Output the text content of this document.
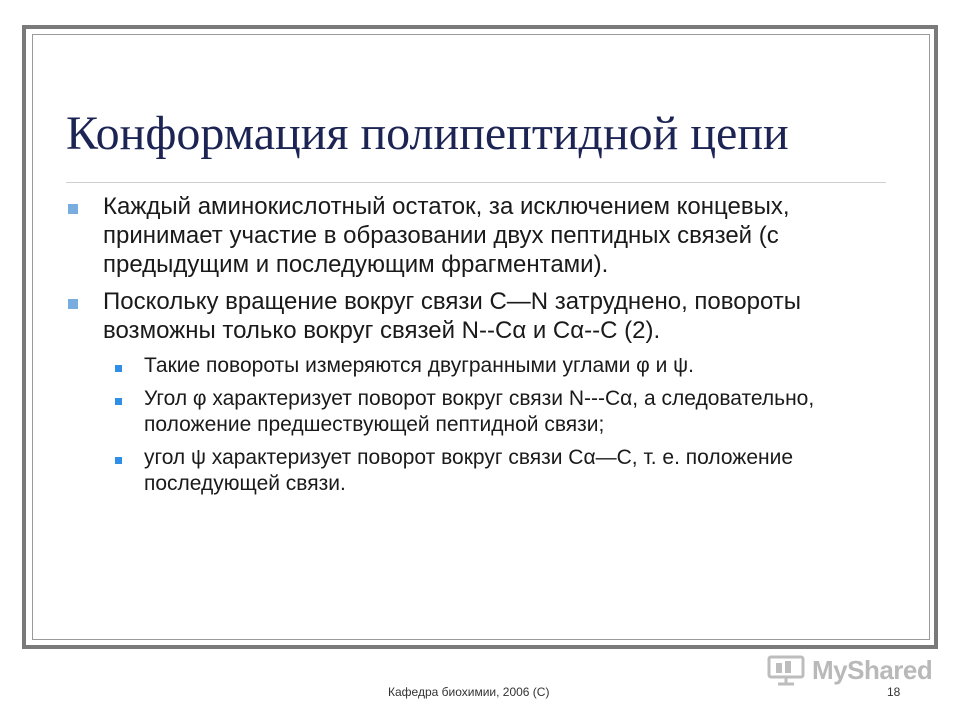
Конформация полипептидной цепи
Каждый аминокислотный остаток, за исключением концевых, принимает участие в образовании двух пептидных связей (с предыдущим и последующим фрагментами).
Поскольку вращение вокруг связи C—N затруднено, повороты возможны только вокруг связей N--Cα и Cα--C (2).
Такие повороты измеряются двугранными углами φ и ψ.
Угол φ характеризует поворот вокруг связи N---Cα, а следовательно, положение предшествующей пептидной связи;
угол ψ характеризует поворот вокруг связи Cα—C, т. е. положение последующей связи.
MyShared
Кафедра биохимии, 2006 (С)	18
